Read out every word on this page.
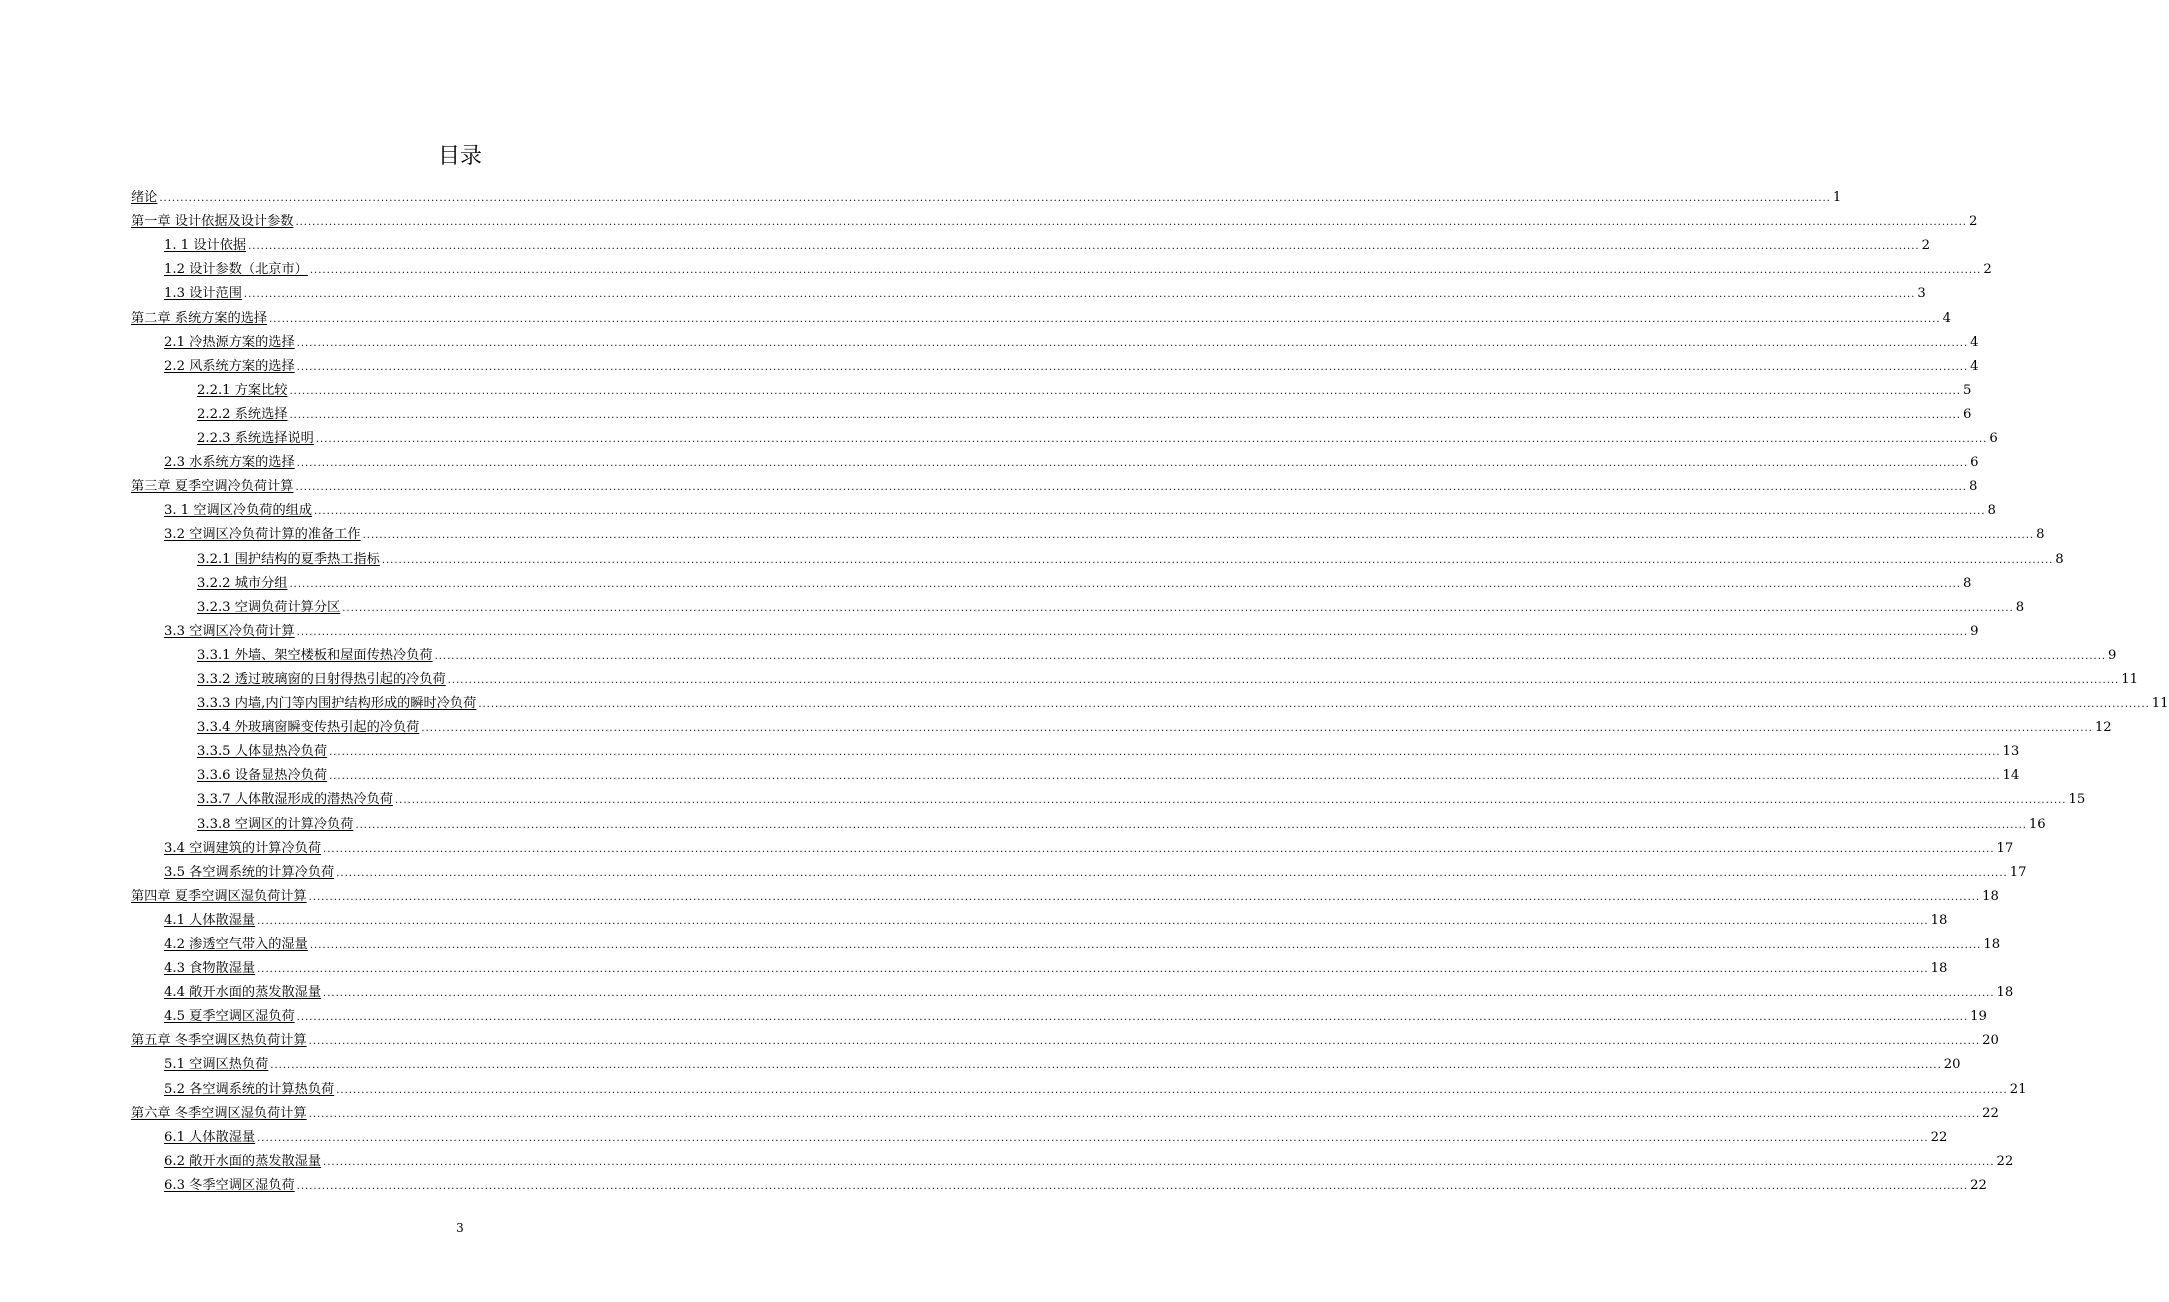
目录
绪论 ................................................................................................................................................................................................................................................................................................................................................................................................................ 1
第一章 设计依据及设计参数 ................................................................................................................................................................................................................................................................................................................................................................................................................ 2
1. 1 设计依据 ................................................................................................................................................................................................................................................................................................................................................................................................................ 2
1.2 设计参数（北京市） ................................................................................................................................................................................................................................................................................................................................................................................................................ 2
1.3 设计范围 ................................................................................................................................................................................................................................................................................................................................................................................................................ 3
第二章 系统方案的选择 ................................................................................................................................................................................................................................................................................................................................................................................................................ 4
2.1 冷热源方案的选择 ................................................................................................................................................................................................................................................................................................................................................................................................................ 4
2.2 风系统方案的选择 ................................................................................................................................................................................................................................................................................................................................................................................................................ 4
2.2.1 方案比较 ................................................................................................................................................................................................................................................................................................................................................................................................................ 5
2.2.2 系统选择 ................................................................................................................................................................................................................................................................................................................................................................................................................ 6
2.2.3 系统选择说明 ................................................................................................................................................................................................................................................................................................................................................................................................................ 6
2.3 水系统方案的选择 ................................................................................................................................................................................................................................................................................................................................................................................................................ 6
第三章 夏季空调冷负荷计算 ................................................................................................................................................................................................................................................................................................................................................................................................................ 8
3. 1 空调区冷负荷的组成 ................................................................................................................................................................................................................................................................................................................................................................................................................ 8
3.2 空调区冷负荷计算的准备工作 ................................................................................................................................................................................................................................................................................................................................................................................................................ 8
3.2.1 围护结构的夏季热工指标 ................................................................................................................................................................................................................................................................................................................................................................................................................ 8
3.2.2 城市分组 ................................................................................................................................................................................................................................................................................................................................................................................................................ 8
3.2.3 空调负荷计算分区 ................................................................................................................................................................................................................................................................................................................................................................................................................ 8
3.3 空调区冷负荷计算 ................................................................................................................................................................................................................................................................................................................................................................................................................ 9
3.3.1 外墙、架空楼板和屋面传热冷负荷 ................................................................................................................................................................................................................................................................................................................................................................................................................ 9
3.3.2 透过玻璃窗的日射得热引起的冷负荷 ................................................................................................................................................................................................................................................................................................................................................................................................................ 11
3.3.3 内墙,内门等内围护结构形成的瞬时冷负荷 ................................................................................................................................................................................................................................................................................................................................................................................................................ 11
3.3.4 外玻璃窗瞬变传热引起的冷负荷 ................................................................................................................................................................................................................................................................................................................................................................................................................ 12
3.3.5 人体显热冷负荷 ................................................................................................................................................................................................................................................................................................................................................................................................................ 13
3.3.6 设备显热冷负荷 ................................................................................................................................................................................................................................................................................................................................................................................................................ 14
3.3.7 人体散湿形成的潜热冷负荷 ................................................................................................................................................................................................................................................................................................................................................................................................................ 15
3.3.8 空调区的计算冷负荷 ................................................................................................................................................................................................................................................................................................................................................................................................................ 16
3.4 空调建筑的计算冷负荷 ................................................................................................................................................................................................................................................................................................................................................................................................................ 17
3.5 各空调系统的计算冷负荷 ................................................................................................................................................................................................................................................................................................................................................................................................................ 17
第四章 夏季空调区湿负荷计算 ................................................................................................................................................................................................................................................................................................................................................................................................................ 18
4.1 人体散湿量 ................................................................................................................................................................................................................................................................................................................................................................................................................ 18
4.2 渗透空气带入的湿量 ................................................................................................................................................................................................................................................................................................................................................................................................................ 18
4.3 食物散湿量 ................................................................................................................................................................................................................................................................................................................................................................................................................ 18
4.4 敞开水面的蒸发散湿量 ................................................................................................................................................................................................................................................................................................................................................................................................................ 18
4.5 夏季空调区湿负荷 ................................................................................................................................................................................................................................................................................................................................................................................................................ 19
第五章 冬季空调区热负荷计算 ................................................................................................................................................................................................................................................................................................................................................................................................................ 20
5.1 空调区热负荷 ................................................................................................................................................................................................................................................................................................................................................................................................................ 20
5.2 各空调系统的计算热负荷 ................................................................................................................................................................................................................................................................................................................................................................................................................ 21
第六章 冬季空调区湿负荷计算 ................................................................................................................................................................................................................................................................................................................................................................................................................ 22
6.1 人体散湿量 ................................................................................................................................................................................................................................................................................................................................................................................................................ 22
6.2 敞开水面的蒸发散湿量 ................................................................................................................................................................................................................................................................................................................................................................................................................ 22
6.3 冬季空调区湿负荷 ................................................................................................................................................................................................................................................................................................................................................................................................................ 22
3
